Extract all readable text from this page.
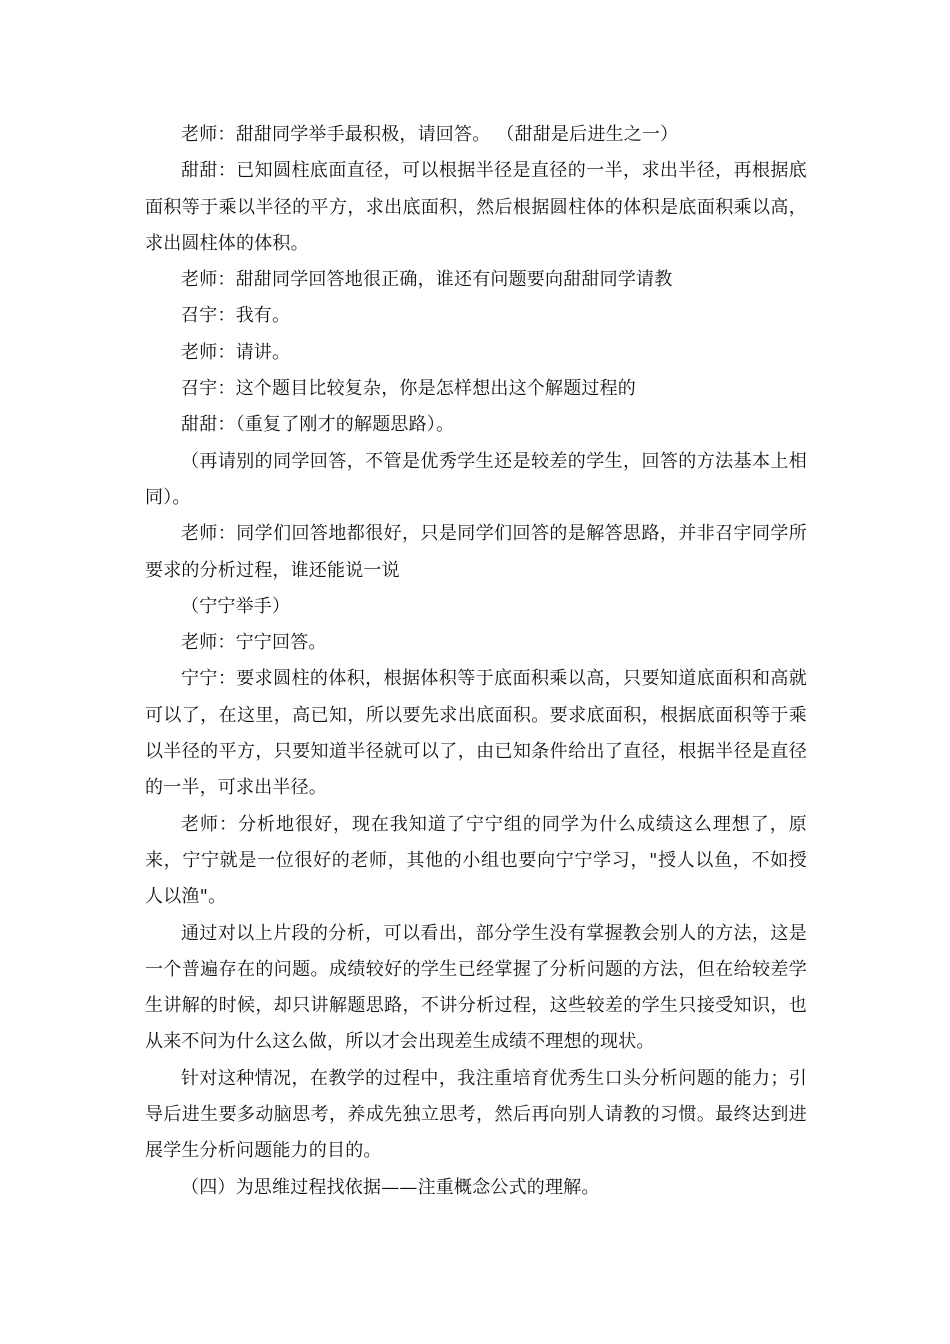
老师：甜甜同学举手最积极，请回答。 （甜甜是后进生之一）

甜甜：已知圆柱底面直径，可以根据半径是直径的一半，求出半径，再根据底面积等于乘以半径的平方，求出底面积，然后根据圆柱体的体积是底面积乘以高，求出圆柱体的体积。

老师：甜甜同学回答地很正确，谁还有问题要向甜甜同学请教

召宇：我有。

老师：请讲。

召宇：这个题目比较复杂，你是怎样想出这个解题过程的

甜甜：（重复了刚才的解题思路）。

（再请别的同学回答，不管是优秀学生还是较差的学生，回答的方法基本上相同）。

老师：同学们回答地都很好，只是同学们回答的是解答思路，并非召宇同学所要求的分析过程，谁还能说一说

（宁宁举手）

老师：宁宁回答。

宁宁：要求圆柱的体积，根据体积等于底面积乘以高，只要知道底面积和高就可以了，在这里，高已知，所以要先求出底面积。要求底面积，根据底面积等于乘以半径的平方，只要知道半径就可以了，由已知条件给出了直径，根据半径是直径的一半，可求出半径。

老师：分析地很好，现在我知道了宁宁组的同学为什么成绩这么理想了，原来，宁宁就是一位很好的老师，其他的小组也要向宁宁学习，"授人以鱼，不如授人以渔"。

通过对以上片段的分析，可以看出，部分学生没有掌握教会别人的方法，这是一个普遍存在的问题。成绩较好的学生已经掌握了分析问题的方法，但在给较差学生讲解的时候，却只讲解题思路，不讲分析过程，这些较差的学生只接受知识，也从来不问为什么这么做，所以才会出现差生成绩不理想的现状。

针对这种情况，在教学的过程中，我注重培育优秀生口头分析问题的能力；引导后进生要多动脑思考，养成先独立思考，然后再向别人请教的习惯。最终达到进展学生分析问题能力的目的。

（四）为思维过程找依据——注重概念公式的理解。
